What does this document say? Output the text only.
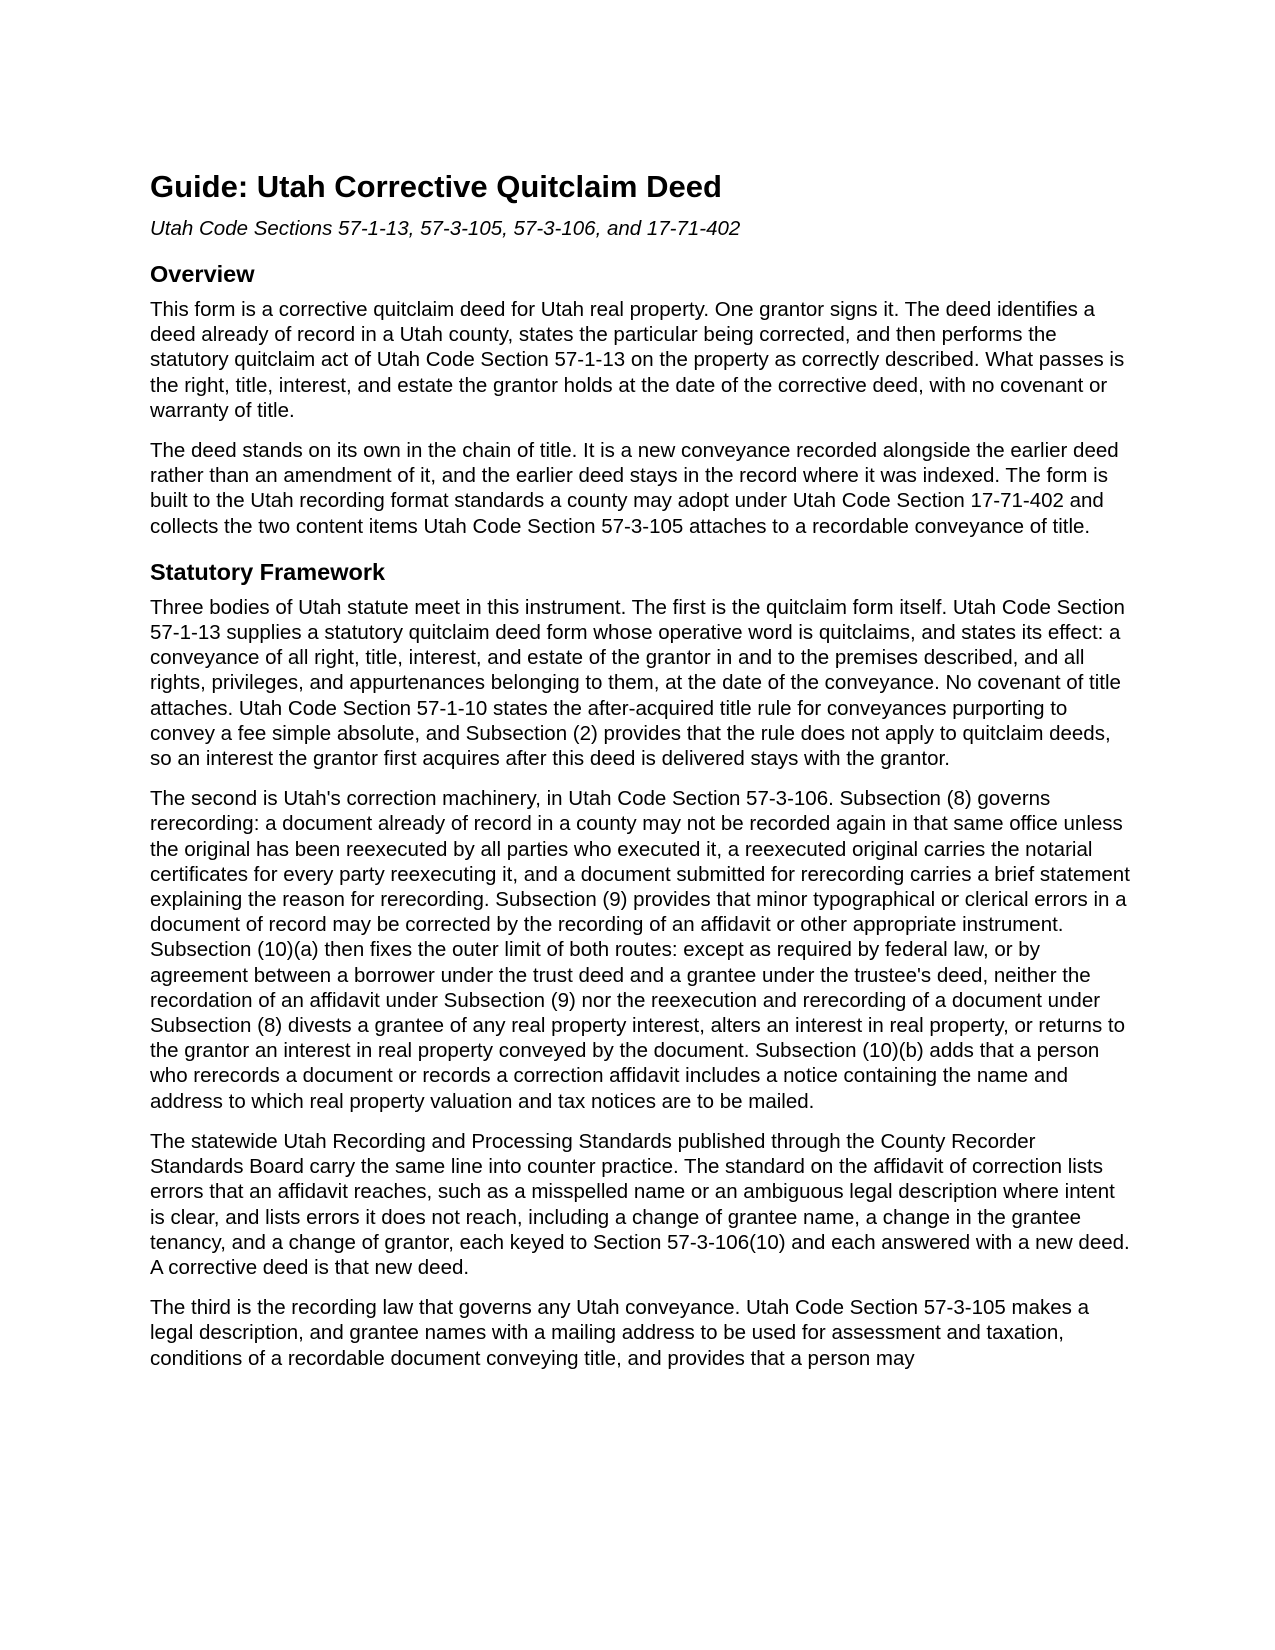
Guide: Utah Corrective Quitclaim Deed

Utah Code Sections 57-1-13, 57-3-105, 57-3-106, and 17-71-402

Overview

This form is a corrective quitclaim deed for Utah real property. One grantor signs it. The deed identifies a deed already of record in a Utah county, states the particular being corrected, and then performs the statutory quitclaim act of Utah Code Section 57-1-13 on the property as correctly described. What passes is the right, title, interest, and estate the grantor holds at the date of the corrective deed, with no covenant or warranty of title.

The deed stands on its own in the chain of title. It is a new conveyance recorded alongside the earlier deed rather than an amendment of it, and the earlier deed stays in the record where it was indexed. The form is built to the Utah recording format standards a county may adopt under Utah Code Section 17-71-402 and collects the two content items Utah Code Section 57-3-105 attaches to a recordable conveyance of title.

Statutory Framework

Three bodies of Utah statute meet in this instrument. The first is the quitclaim form itself. Utah Code Section 57-1-13 supplies a statutory quitclaim deed form whose operative word is quitclaims, and states its effect: a conveyance of all right, title, interest, and estate of the grantor in and to the premises described, and all rights, privileges, and appurtenances belonging to them, at the date of the conveyance. No covenant of title attaches. Utah Code Section 57-1-10 states the after-acquired title rule for conveyances purporting to convey a fee simple absolute, and Subsection (2) provides that the rule does not apply to quitclaim deeds, so an interest the grantor first acquires after this deed is delivered stays with the grantor.

The second is Utah's correction machinery, in Utah Code Section 57-3-106. Subsection (8) governs rerecording: a document already of record in a county may not be recorded again in that same office unless the original has been reexecuted by all parties who executed it, a reexecuted original carries the notarial certificates for every party reexecuting it, and a document submitted for rerecording carries a brief statement explaining the reason for rerecording. Subsection (9) provides that minor typographical or clerical errors in a document of record may be corrected by the recording of an affidavit or other appropriate instrument. Subsection (10)(a) then fixes the outer limit of both routes: except as required by federal law, or by agreement between a borrower under the trust deed and a grantee under the trustee's deed, neither the recordation of an affidavit under Subsection (9) nor the reexecution and rerecording of a document under Subsection (8) divests a grantee of any real property interest, alters an interest in real property, or returns to the grantor an interest in real property conveyed by the document. Subsection (10)(b) adds that a person who rerecords a document or records a correction affidavit includes a notice containing the name and address to which real property valuation and tax notices are to be mailed.

The statewide Utah Recording and Processing Standards published through the County Recorder Standards Board carry the same line into counter practice. The standard on the affidavit of correction lists errors that an affidavit reaches, such as a misspelled name or an ambiguous legal description where intent is clear, and lists errors it does not reach, including a change of grantee name, a change in the grantee tenancy, and a change of grantor, each keyed to Section 57-3-106(10) and each answered with a new deed. A corrective deed is that new deed.

The third is the recording law that governs any Utah conveyance. Utah Code Section 57-3-105 makes a legal description, and grantee names with a mailing address to be used for assessment and taxation, conditions of a recordable document conveying title, and provides that a person may
